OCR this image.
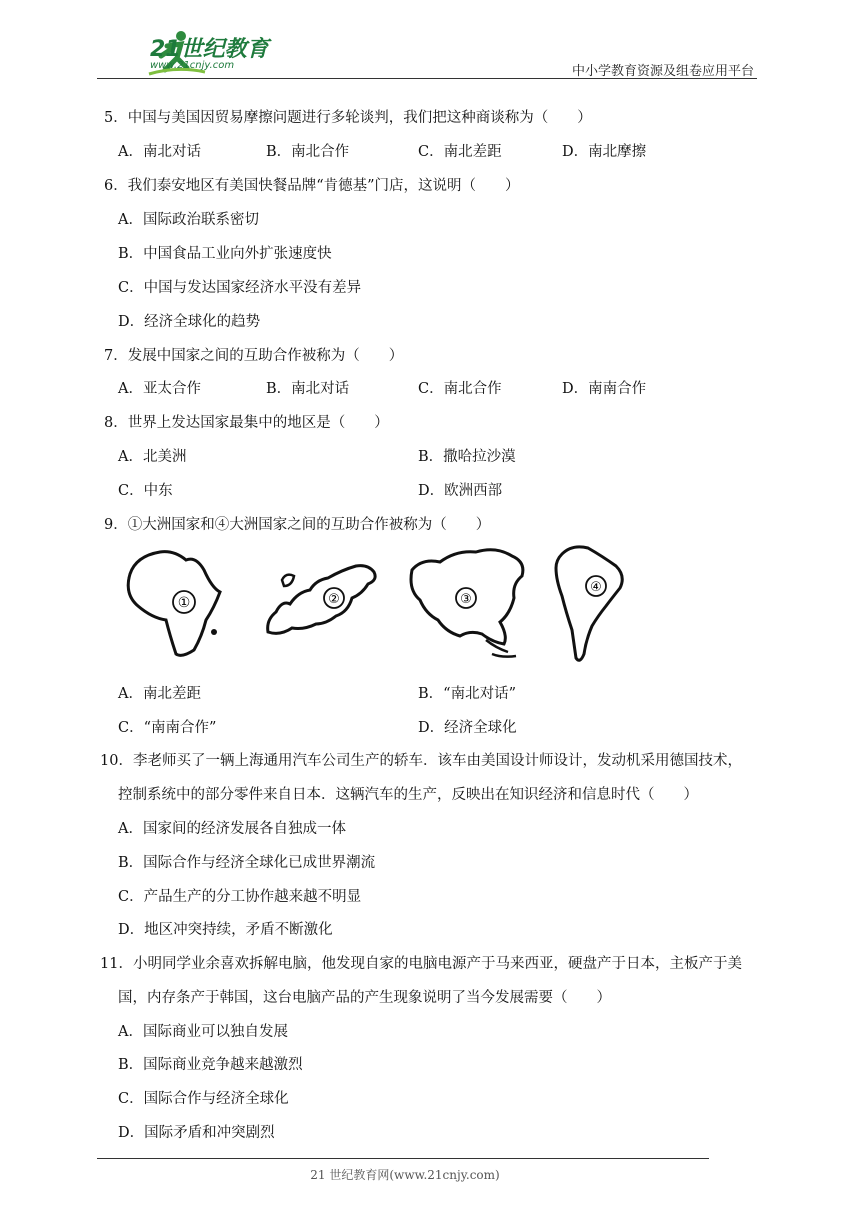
21世纪教育
www.21cnjy.com	中小学教育资源及组卷应用平台
5．中国与美国因贸易摩擦问题进行多轮谈判，我们把这种商谈称为（　　）
A．南北对话	B．南北合作	C．南北差距	D．南北摩擦
6．我们泰安地区有美国快餐品牌“肯德基”门店，这说明（　　）
A．国际政治联系密切
B．中国食品工业向外扩张速度快
C．中国与发达国家经济水平没有差异
D．经济全球化的趋势
7．发展中国家之间的互助合作被称为（　　）
A．亚太合作	B．南北对话	C．南北合作	D．南南合作
8．世界上发达国家最集中的地区是（　　）
A．北美洲	B．撒哈拉沙漠
C．中东	D．欧洲西部
9．①大洲国家和④大洲国家之间的互助合作被称为（　　）
①	②	③
④
A．南北差距	B．“南北对话”
C．“南南合作”	D．经济全球化
10．李老师买了一辆上海通用汽车公司生产的轿车．该车由美国设计师设计，发动机采用德国技术，
控制系统中的部分零件来自日本．这辆汽车的生产，反映出在知识经济和信息时代（　　）
A．国家间的经济发展各自独成一体
B．国际合作与经济全球化已成世界潮流
C．产品生产的分工协作越来越不明显
D．地区冲突持续，矛盾不断激化
11．小明同学业余喜欢拆解电脑，他发现自家的电脑电源产于马来西亚，硬盘产于日本，主板产于美
国，内存条产于韩国，这台电脑产品的产生现象说明了当今发展需要（　　）
A．国际商业可以独自发展
B．国际商业竞争越来越激烈
C．国际合作与经济全球化
D．国际矛盾和冲突剧烈
21 世纪教育网(www.21cnjy.com)
